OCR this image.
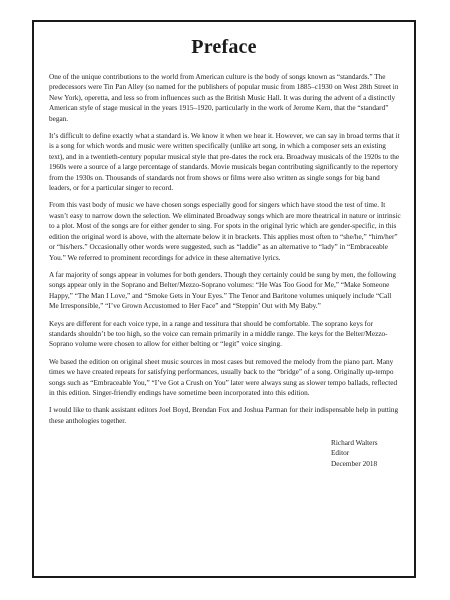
Preface

One of the unique contributions to the world from American culture is the body of songs known as “standards.” The predecessors were Tin Pan Alley (so named for the publishers of popular music from 1885–c1930 on West 28th Street in New York), operetta, and less so from influences such as the British Music Hall. It was during the advent of a distinctly American style of stage musical in the years 1915–1920, particularly in the work of Jerome Kern, that the “standard” began.

It’s difficult to define exactly what a standard is. We know it when we hear it. However, we can say in broad terms that it is a song for which words and music were written specifically (unlike art song, in which a composer sets an existing text), and in a twentieth-century popular musical style that pre-dates the rock era. Broadway musicals of the 1920s to the 1960s were a source of a large percentage of standards. Movie musicals began contributing significantly to the repertory from the 1930s on. Thousands of standards not from shows or films were also written as single songs for big band leaders, or for a particular singer to record.

From this vast body of music we have chosen songs especially good for singers which have stood the test of time. It wasn’t easy to narrow down the selection. We eliminated Broadway songs which are more theatrical in nature or intrinsic to a plot. Most of the songs are for either gender to sing. For spots in the original lyric which are gender-specific, in this edition the original word is above, with the alternate below it in brackets. This applies most often to “she/he,” “him/her” or “his/hers.” Occasionally other words were suggested, such as “laddie” as an alternative to “lady” in “Embraceable You.” We referred to prominent recordings for advice in these alternative lyrics.

A far majority of songs appear in volumes for both genders. Though they certainly could be sung by men, the following songs appear only in the Soprano and Belter/Mezzo-Soprano volumes: “He Was Too Good for Me,” “Make Someone Happy,” “The Man I Love,” and “Smoke Gets in Your Eyes.” The Tenor and Baritone volumes uniquely include “Call Me Irresponsible,” “I’ve Grown Accustomed to Her Face” and “Steppin’ Out with My Baby.”

Keys are different for each voice type, in a range and tessitura that should be comfortable. The soprano keys for standards shouldn’t be too high, so the voice can remain primarily in a middle range. The keys for the Belter/Mezzo-Soprano volume were chosen to allow for either belting or “legit” voice singing.

We based the edition on original sheet music sources in most cases but removed the melody from the piano part. Many times we have created repeats for satisfying performances, usually back to the “bridge” of a song. Originally up-tempo songs such as “Embraceable You,” “I’ve Got a Crush on You” later were always sung as slower tempo ballads, reflected in this edition. Singer-friendly endings have sometime been incorporated into this edition.

I would like to thank assistant editors Joel Boyd, Brendan Fox and Joshua Parman for their indispensable help in putting these anthologies together.

Richard Walters
Editor
December 2018
